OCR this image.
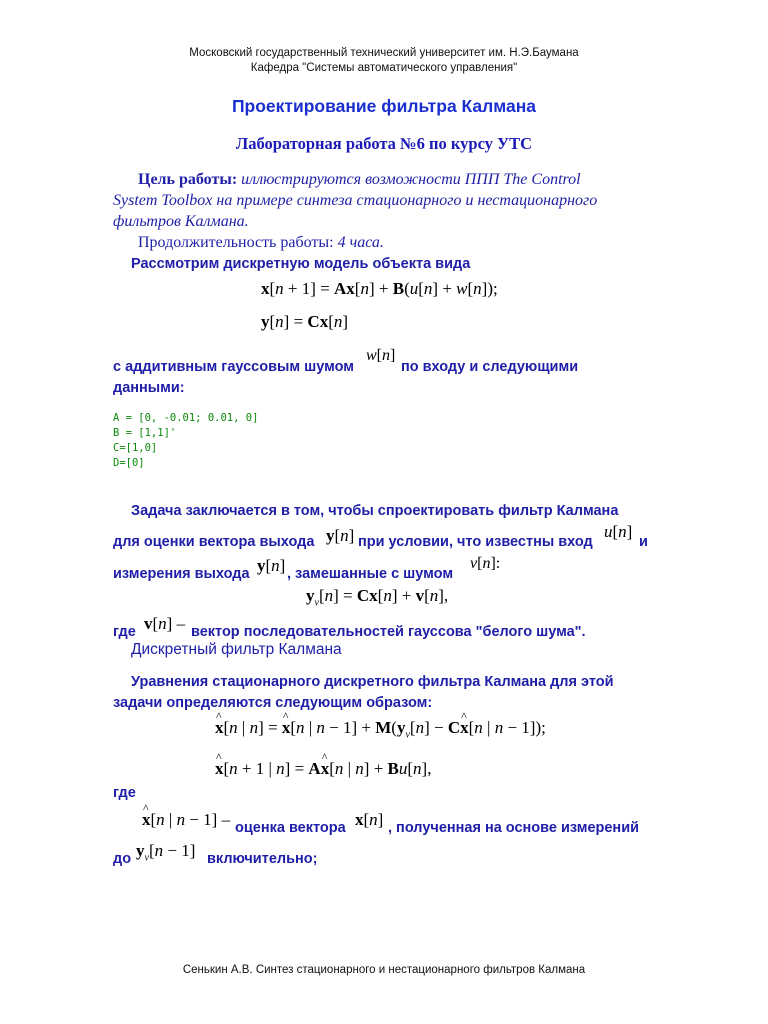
Московский государственный технический университет им. Н.Э.Баумана
Кафедра "Системы автоматического управления"
Проектирование фильтра Калмана
Лабораторная работа №6 по курсу УТС
Цель работы: иллюстрируются возможности ППП The Control
System Toolbox на примере синтеза стационарного и нестационарного
фильтров Калмана.
Продолжительность работы: 4 часа.
Рассмотрим дискретную модель объекта вида
x[n + 1] = Ax[n] + B(u[n] + w[n]);
y[n] = Cx[n]
с аддитивным гауссовым шумом
w[n]
по входу и следующими
данными:
A = [0, -0.01; 0.01, 0]
B = [1,1]'
C=[1,0]
D=[0]
Задача заключается в том, чтобы спроектировать фильтр Калмана
для оценки вектора выхода y[n] при условии, что известны вход
u[n]
и
измерения выхода y[n] , замешанные с шумом
v[n]:
$y_v[n] = Cx[n] + v[n]$,
где v[n] – вектор последовательностей гауссова "белого шума".
Дискретный фильтр Калмана
Уравнения стационарного дискретного фильтра Калмана для этой
задачи определяются следующим образом:
^ x[n | n] = ^ x[n | $n - 1] + M(y_v[n]$ − C^ x[n | n − 1]);
^ x[n + 1 | n] = A^ x[n | n] + Bu[n],
где
^ x[n | n − 1] – оценка вектора x[n] , полученная на основе измерений
до $y_v[n - 1]$ включительно;
Сенькин А.В. Синтез стационарного и нестационарного фильтров Калмана
